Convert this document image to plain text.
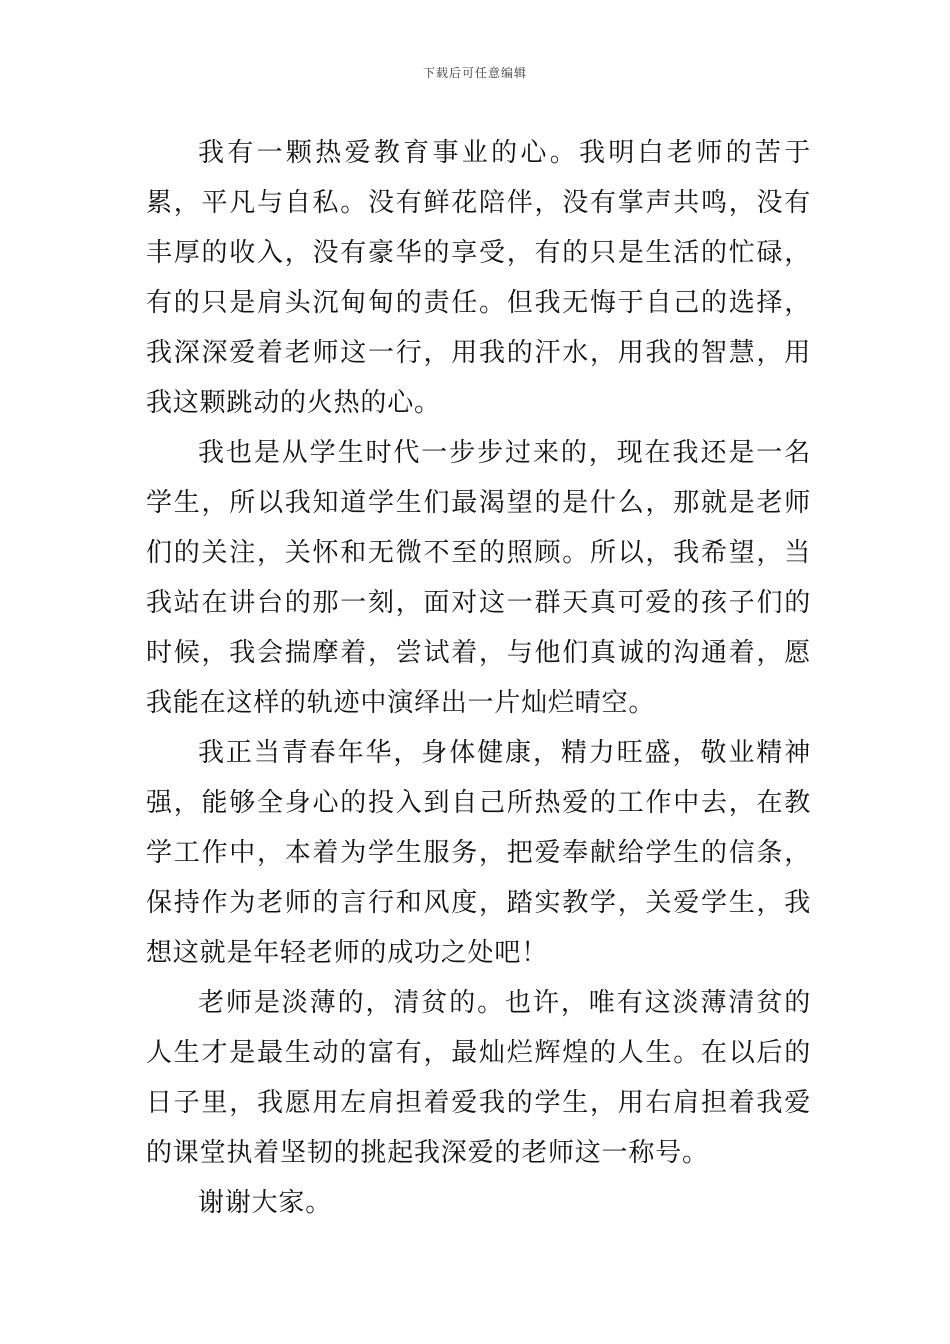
下载后可任意编辑

我有一颗热爱教育事业的心。我明白老师的苦于累，平凡与自私。没有鲜花陪伴，没有掌声共鸣，没有丰厚的收入，没有豪华的享受，有的只是生活的忙碌，有的只是肩头沉甸甸的责任。但我无悔于自己的选择，我深深爱着老师这一行，用我的汗水，用我的智慧，用我这颗跳动的火热的心。

我也是从学生时代一步步过来的，现在我还是一名学生，所以我知道学生们最渴望的是什么，那就是老师们的关注，关怀和无微不至的照顾。所以，我希望，当我站在讲台的那一刻，面对这一群天真可爱的孩子们的时候，我会揣摩着，尝试着，与他们真诚的沟通着，愿我能在这样的轨迹中演绎出一片灿烂晴空。

我正当青春年华，身体健康，精力旺盛，敬业精神强，能够全身心的投入到自己所热爱的工作中去，在教学工作中，本着为学生服务，把爱奉献给学生的信条，保持作为老师的言行和风度，踏实教学，关爱学生，我想这就是年轻老师的成功之处吧！

老师是淡薄的，清贫的。也许，唯有这淡薄清贫的人生才是最生动的富有，最灿烂辉煌的人生。在以后的日子里，我愿用左肩担着爱我的学生，用右肩担着我爱的课堂执着坚韧的挑起我深爱的老师这一称号。

谢谢大家。
